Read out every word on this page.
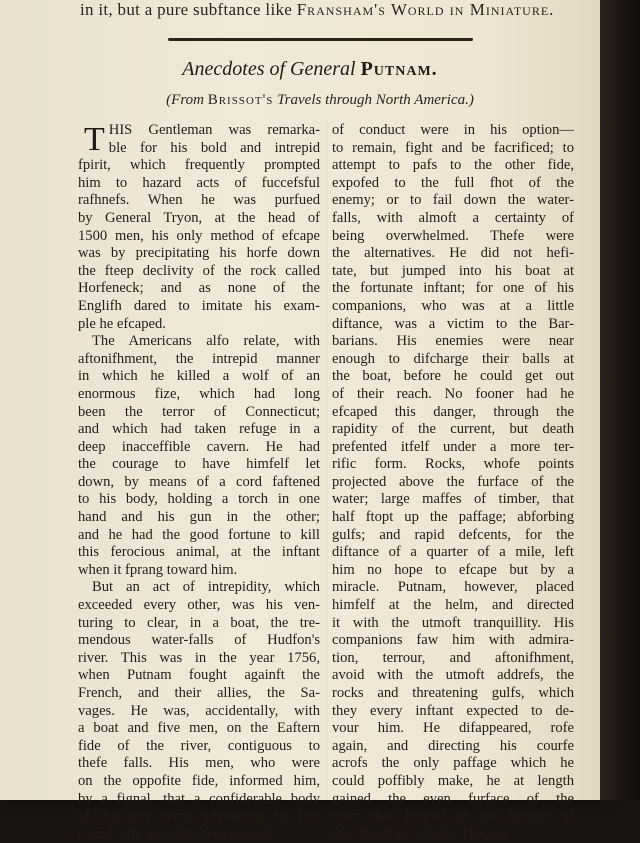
in it, but a pure subftance like Fransham's World in Miniature.
Anecdotes of General Putnam.
(From Brissot's Travels through North America.)
THIS Gentleman was remarka-
ble for his bold and intrepid
fpirit, which frequently prompted
him to hazard acts of fuccefsful
rafhnefs. When he was purfued
by General Tryon, at the head of
1500 men, his only method of efcape
was by precipitating his horfe down
the fteep declivity of the rock called
Horfeneck; and as none of the
Englifh dared to imitate his exam-
ple he efcaped.
The Americans alfo relate, with
aftonifhment, the intrepid manner
in which he killed a wolf of an
enormous fize, which had long
been the terror of Connecticut;
and which had taken refuge in a
deep inacceffible cavern. He had
the courage to have himfelf let
down, by means of a cord faftened
to his body, holding a torch in one
hand and his gun in the other;
and he had the good fortune to kill
this ferocious animal, at the inftant
when it fprang toward him.
But an act of intrepidity, which
exceeded every other, was his ven-
turing to clear, in a boat, the tre-
mendous water-falls of Hudfon's
river. This was in the year 1756,
when Putnam fought againft the
French, and their allies, the Sa-
vages. He was, accidentally, with
a boat and five men, on the Eaftern
fide of the river, contiguous to
thefe falls. His men, who were
on the oppofite fide, informed him,
by a fignal, that a confiderable body
of Savages were advancing to fur-
round him, and that there was not
of conduct were in his option—
to remain, fight and be facrificed; to
attempt to pafs to the other fide,
expofed to the full fhot of the
enemy; or to fail down the water-
falls, with almoft a certainty of
being overwhelmed. Thefe were
the alternatives. He did not hefi-
tate, but jumped into his boat at
the fortunate inftant; for one of his
companions, who was at a little
diftance, was a victim to the Bar-
barians. His enemies were near
enough to difcharge their balls at
the boat, before he could get out
of their reach. No fooner had he
efcaped this danger, through the
rapidity of the current, but death
prefented itfelf under a more ter-
rific form. Rocks, whofe points
projected above the furface of the
water; large maffes of timber, that
half ftopt up the paffage; abforbing
gulfs; and rapid defcents, for the
diftance of a quarter of a mile, left
him no hope to efcape but by a
miracle. Putnam, however, placed
himfelf at the helm, and directed
it with the utmoft tranquillity. His
companions faw him with admira-
tion, terrour, and aftonifhment,
avoid with the utmoft addrefs, the
rocks and threatening gulfs, which
they every inftant expected to de-
vour him. He difappeared, rofe
again, and directing his courfe
acrofs the only paffage which he
could poffibly make, he at length
gained the even furface of the
river that flowed at the bottom of
this dreadful cafcade. The Sa-
